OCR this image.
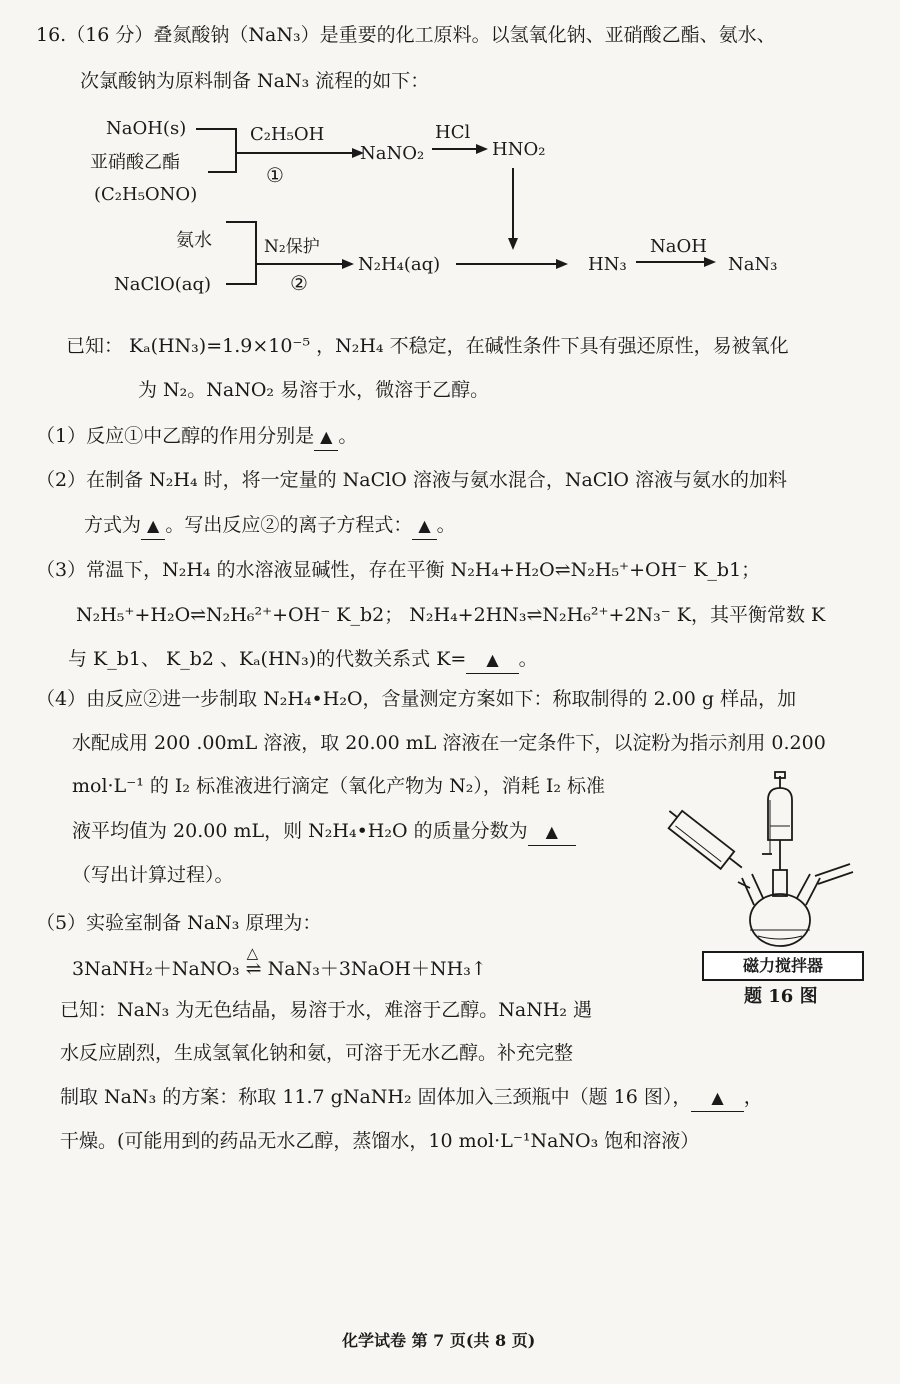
16.（16 分）叠氮酸钠（NaN₃）是重要的化工原料。以氢氧化钠、亚硝酸乙酯、氨水、
次氯酸钠为原料制备 NaN₃ 流程的如下：
NaOH(s)
亚硝酸乙酯
(C₂H₅ONO)
C₂H₅OH
①
NaNO₂
HCl
HNO₂
氨水
NaClO(aq)
N₂保护
②
N₂H₄(aq)	HN₃
NaOH
NaN₃
已知： Kₐ(HN₃)=1.9×10⁻⁵ ，N₂H₄ 不稳定，在碱性条件下具有强还原性，易被氧化
为 N₂。NaNO₂ 易溶于水，微溶于乙醇。
（1）反应①中乙醇的作用分别是 ▲ 。
（2）在制备 N₂H₄ 时，将一定量的 NaClO 溶液与氨水混合，NaClO 溶液与氨水的加料
方式为 ▲ 。写出反应②的离子方程式： ▲ 。
（3）常温下，N₂H₄ 的水溶液显碱性，存在平衡 N₂H₄+H₂O⇌N₂H₅⁺+OH⁻ K_b1；
N₂H₅⁺+H₂O⇌N₂H₆²⁺+OH⁻ K_b2； N₂H₄+2HN₃⇌N₂H₆²⁺+2N₃⁻ K，其平衡常数 K
与 K_b1、 K_b2 、Kₐ(HN₃)的代数关系式 K= ▲ 。
（4）由反应②进一步制取 N₂H₄•H₂O，含量测定方案如下：称取制得的 2.00 g 样品，加
水配成用 200 .00mL 溶液，取 20.00 mL 溶液在一定条件下，以淀粉为指示剂用 0.200
mol·L⁻¹ 的 I₂ 标准液进行滴定（氧化产物为 N₂），消耗 I₂ 标准
液平均值为 20.00 mL，则 N₂H₄•H₂O 的质量分数为 ▲
（写出计算过程）。
（5）实验室制备 NaN₃ 原理为：
3NaNH₂＋NaNO₃
△
⇌ NaN₃＋3NaOH＋NH₃↑
已知：NaN₃ 为无色结晶，易溶于水，难溶于乙醇。NaNH₂ 遇
水反应剧烈，生成氢氧化钠和氨，可溶于无水乙醇。补充完整
制取 NaN₃ 的方案：称取 11.7 gNaNH₂ 固体加入三颈瓶中（题 16 图）， ▲ ，
干燥。(可能用到的药品无水乙醇，蒸馏水，10 mol·L⁻¹NaNO₃ 饱和溶液）
磁力搅拌器
题 16 图
化学试卷 第 7 页(共 8 页)
